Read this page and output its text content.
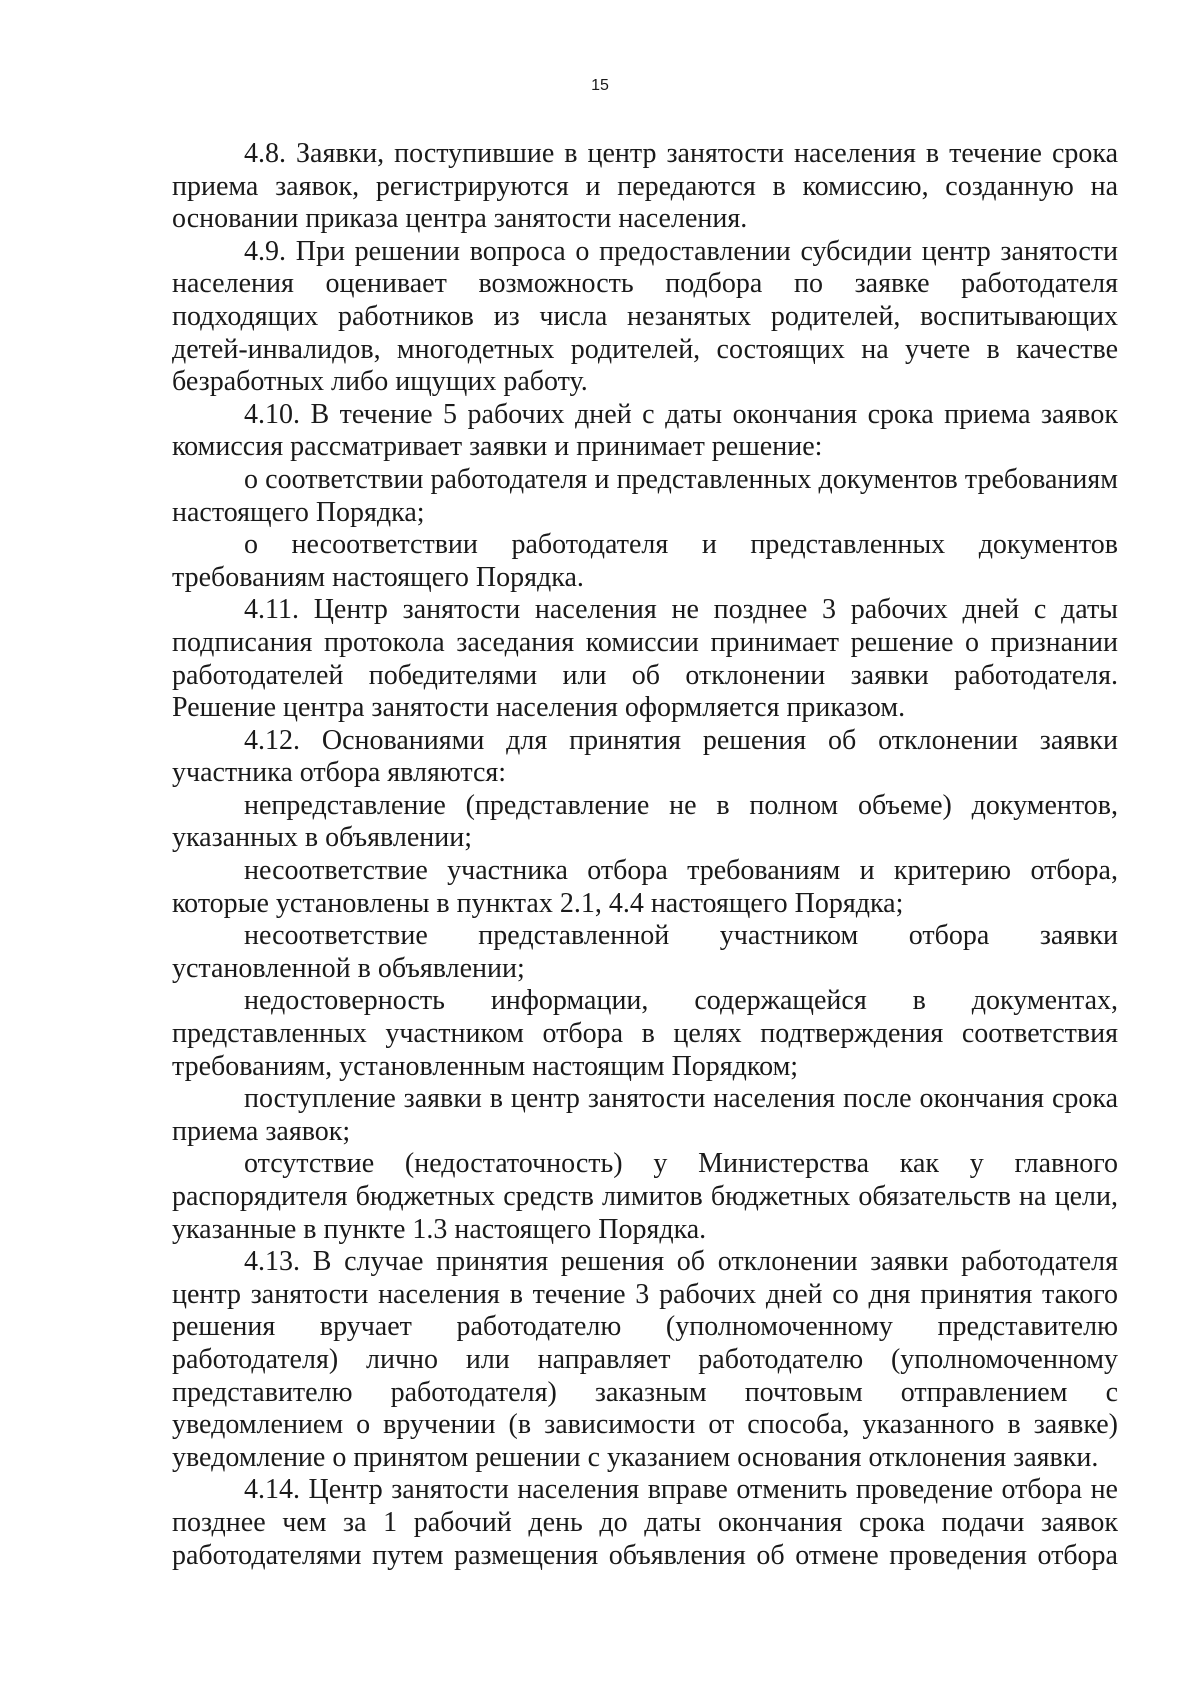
15

4.8. Заявки, поступившие в центр занятости населения в течение срока приема заявок, регистрируются и передаются в комиссию, созданную на основании приказа центра занятости населения.

4.9. При решении вопроса о предоставлении субсидии центр занятости населения оценивает возможность подбора по заявке работодателя подходящих работников из числа незанятых родителей, воспитывающих детей-инвалидов, многодетных родителей, состоящих на учете в качестве безработных либо ищущих работу.

4.10. В течение 5 рабочих дней с даты окончания срока приема заявок комиссия рассматривает заявки и принимает решение:

о соответствии работодателя и представленных документов требованиям настоящего Порядка;

о несоответствии работодателя и представленных документов требованиям настоящего Порядка.

4.11. Центр занятости населения не позднее 3 рабочих дней с даты подписания протокола заседания комиссии принимает решение о признании работодателей победителями или об отклонении заявки работодателя. Решение центра занятости населения оформляется приказом.

4.12. Основаниями для принятия решения об отклонении заявки участника отбора являются:

непредставление (представление не в полном объеме) документов, указанных в объявлении;

несоответствие участника отбора требованиям и критерию отбора, которые установлены в пунктах 2.1, 4.4 настоящего Порядка;

несоответствие представленной участником отбора заявки установленной в объявлении;

недостоверность информации, содержащейся в документах, представленных участником отбора в целях подтверждения соответствия требованиям, установленным настоящим Порядком;

поступление заявки в центр занятости населения после окончания срока приема заявок;

отсутствие (недостаточность) у Министерства как у главного распорядителя бюджетных средств лимитов бюджетных обязательств на цели, указанные в пункте 1.3 настоящего Порядка.

4.13. В случае принятия решения об отклонении заявки работодателя центр занятости населения в течение 3 рабочих дней со дня принятия такого решения вручает работодателю (уполномоченному представителю работодателя) лично или направляет работодателю (уполномоченному представителю работодателя) заказным почтовым отправлением с уведомлением о вручении (в зависимости от способа, указанного в заявке) уведомление о принятом решении с указанием основания отклонения заявки.

4.14. Центр занятости населения вправе отменить проведение отбора не позднее чем за 1 рабочий день до даты окончания срока подачи заявок работодателями путем размещения объявления об отмене проведения отбора
